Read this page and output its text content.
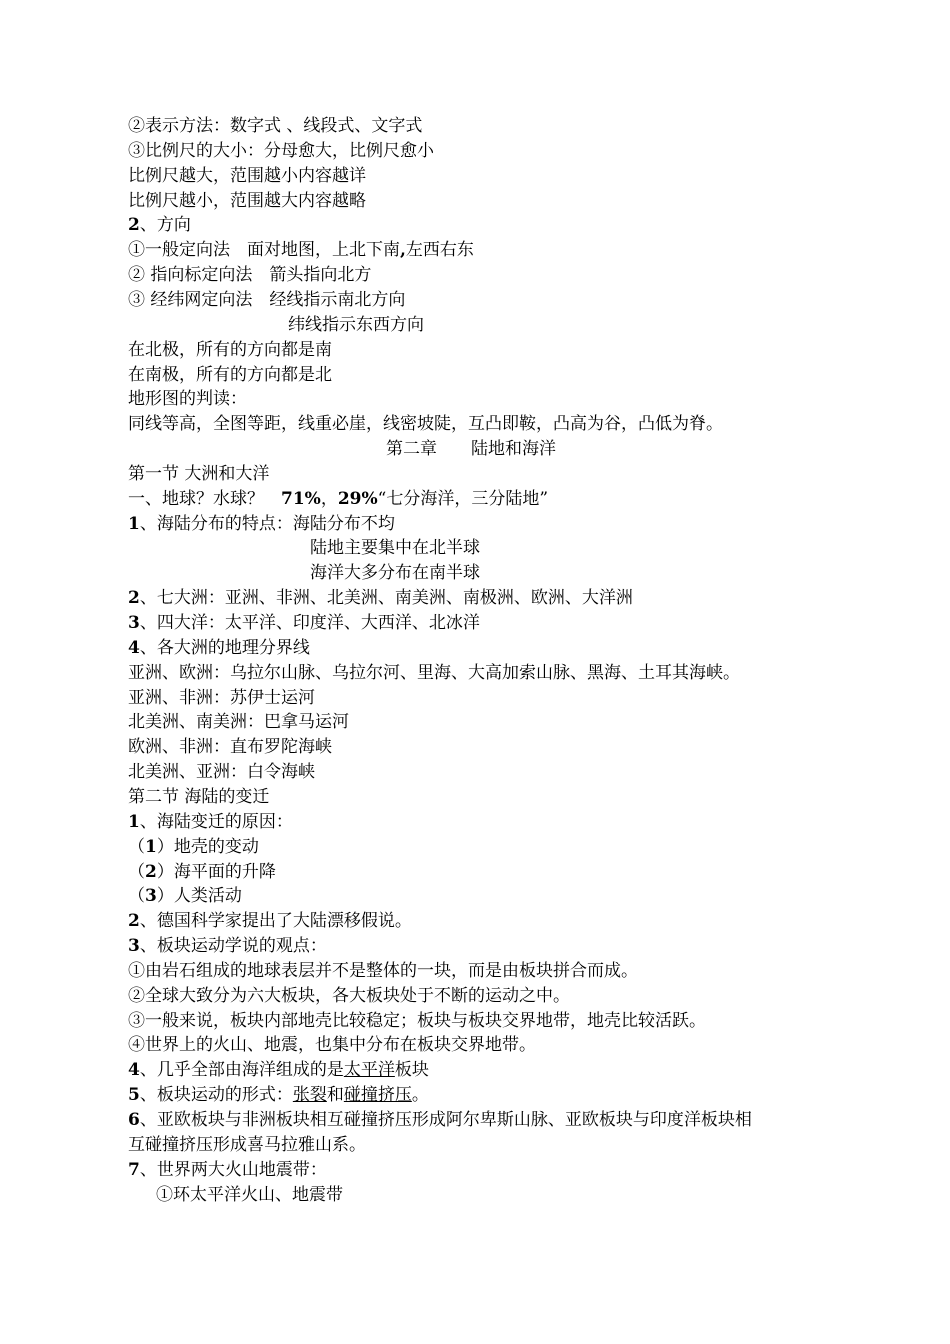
②表示方法：数字式 、线段式、文字式
③比例尺的大小：分母愈大，比例尺愈小
比例尺越大，范围越小内容越详
比例尺越小，范围越大内容越略
2、方向
①一般定向法　面对地图，上北下南,左西右东
② 指向标定向法　箭头指向北方
③ 经纬网定向法　经线指示南北方向
纬线指示东西方向
在北极，所有的方向都是南
在南极，所有的方向都是北
地形图的判读：
同线等高，全图等距，线重必崖，线密坡陡，互凸即鞍，凸高为谷，凸低为脊。
第二章　　陆地和海洋
第一节 大洲和大洋
一、地球？水球？　71%，29%“七分海洋，三分陆地”
1、海陆分布的特点：海陆分布不均
陆地主要集中在北半球
海洋大多分布在南半球
2、七大洲：亚洲、非洲、北美洲、南美洲、南极洲、欧洲、大洋洲
3、四大洋：太平洋、印度洋、大西洋、北冰洋
4、各大洲的地理分界线
亚洲、欧洲：乌拉尔山脉、乌拉尔河、里海、大高加索山脉、黑海、土耳其海峡。
亚洲、非洲：苏伊士运河
北美洲、南美洲：巴拿马运河
欧洲、非洲：直布罗陀海峡
北美洲、亚洲：白令海峡
第二节 海陆的变迁
1、海陆变迁的原因：
（1）地壳的变动
（2）海平面的升降
（3）人类活动
2、德国科学家提出了大陆漂移假说。
3、板块运动学说的观点：
①由岩石组成的地球表层并不是整体的一块，而是由板块拼合而成。
②全球大致分为六大板块，各大板块处于不断的运动之中。
③一般来说，板块内部地壳比较稳定；板块与板块交界地带，地壳比较活跃。
④世界上的火山、地震，也集中分布在板块交界地带。
4、几乎全部由海洋组成的是太平洋板块
5、板块运动的形式：张裂和碰撞挤压。
6、亚欧板块与非洲板块相互碰撞挤压形成阿尔卑斯山脉、亚欧板块与印度洋板块相
互碰撞挤压形成喜马拉雅山系。
7、世界两大火山地震带：
①环太平洋火山、地震带
